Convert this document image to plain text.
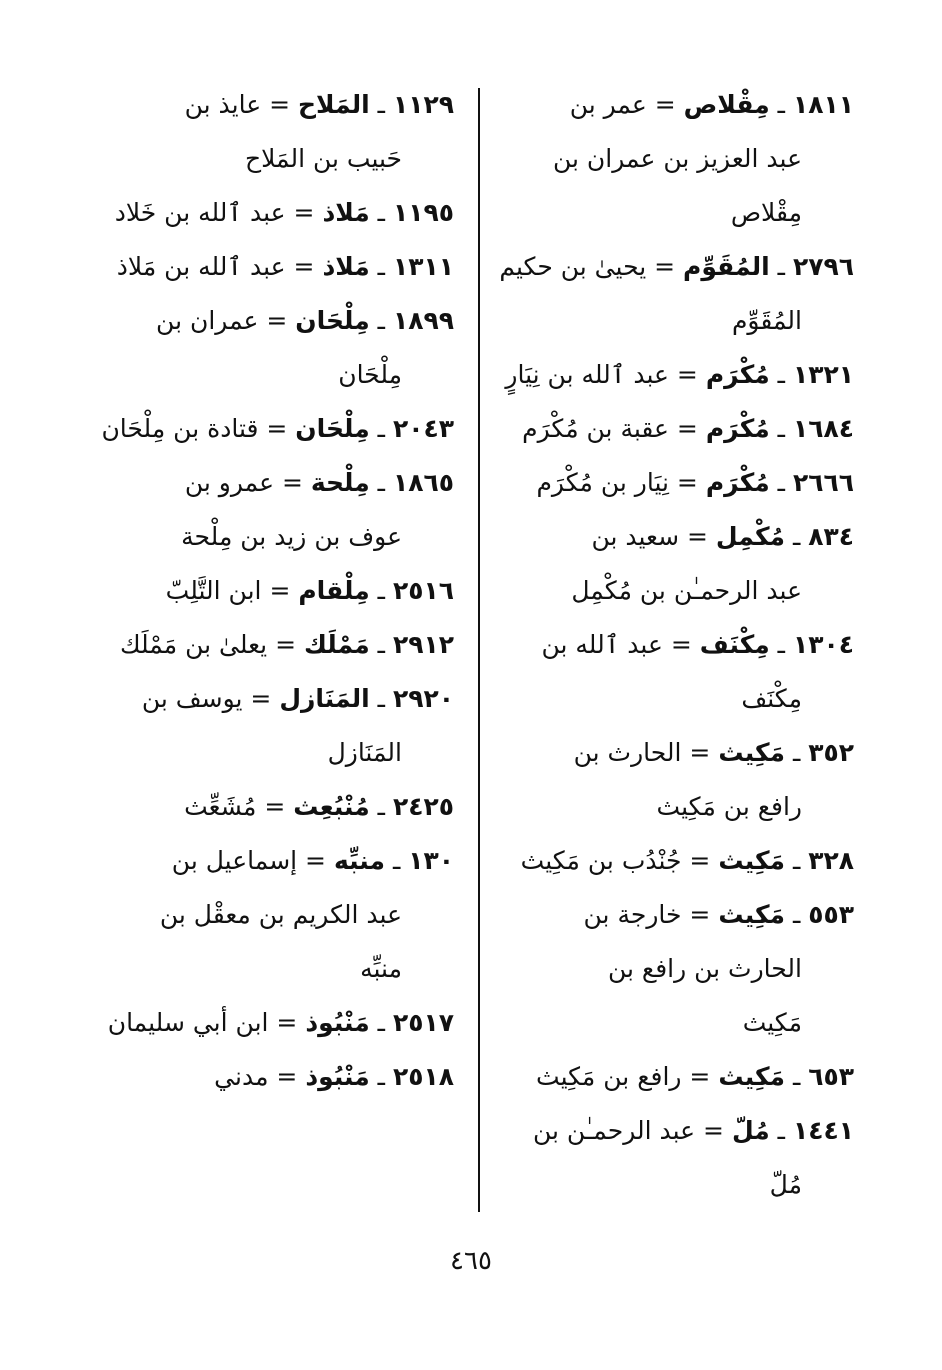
١٨١١ ـ مِقْلاص = عمر بن
عبد العزيز بن عمران بن
مِقْلاص
٢٧٩٦ ـ المُقَوِّم = يحيىٰ بن حكيم
المُقَوِّم
١٣٢١ ـ مُكْرَم = عبد ٱلله بن نِيَارٍ
١٦٨٤ ـ مُكْرَم = عقبة بن مُكْرَم
٢٦٦٦ ـ مُكْرَم = نِيَار بن مُكْرَم
٨٣٤ ـ مُكْمِل = سعيد بن
عبد الرحمـٰن بن مُكْمِل
١٣٠٤ ـ مِكْنَف = عبد ٱلله بن
مِكْنَف
٣٥٢ ـ مَكِيث = الحارث بن
رافع بن مَكِيث
٣٢٨ ـ مَكِيث = جُنْدُب بن مَكِيث
٥٥٣ ـ مَكِيث = خارجة بن
الحارث بن رافع بن
مَكِيث
٦٥٣ ـ مَكِيث = رافع بن مَكِيث
١٤٤١ ـ مُلّ = عبد الرحمـٰن بن
مُلّ
١١٢٩ ـ المَلاح = عايذ بن
حَبيب بن المَلاح
١١٩٥ ـ مَلاذ = عبد ٱلله بن خَلاد
١٣١١ ـ مَلاذ = عبد ٱلله بن مَلاذ
١٨٩٩ ـ مِلْحَان = عمران بن
مِلْحَان
٢٠٤٣ ـ مِلْحَان = قتادة بن مِلْحَان
١٨٦٥ ـ مِلْحة = عمرو بن
عوف بن زيد بن مِلْحة
٢٥١٦ ـ مِلْقام = ابن التَّلِبّ
٢٩١٢ ـ مَمْلَك = يعلىٰ بن مَمْلَك
٢٩٢٠ ـ المَنَازل = يوسف بن
المَنَازل
٢٤٢٥ ـ مُنْبُعِث = مُشَعِّث
١٣٠ ـ منبِّه = إسماعيل بن
عبد الكريم بن معقْل بن
منبِّه
٢٥١٧ ـ مَنْبُوذ = ابن أبي سليمان
٢٥١٨ ـ مَنْبُوذ = مدني
٤٦٥
